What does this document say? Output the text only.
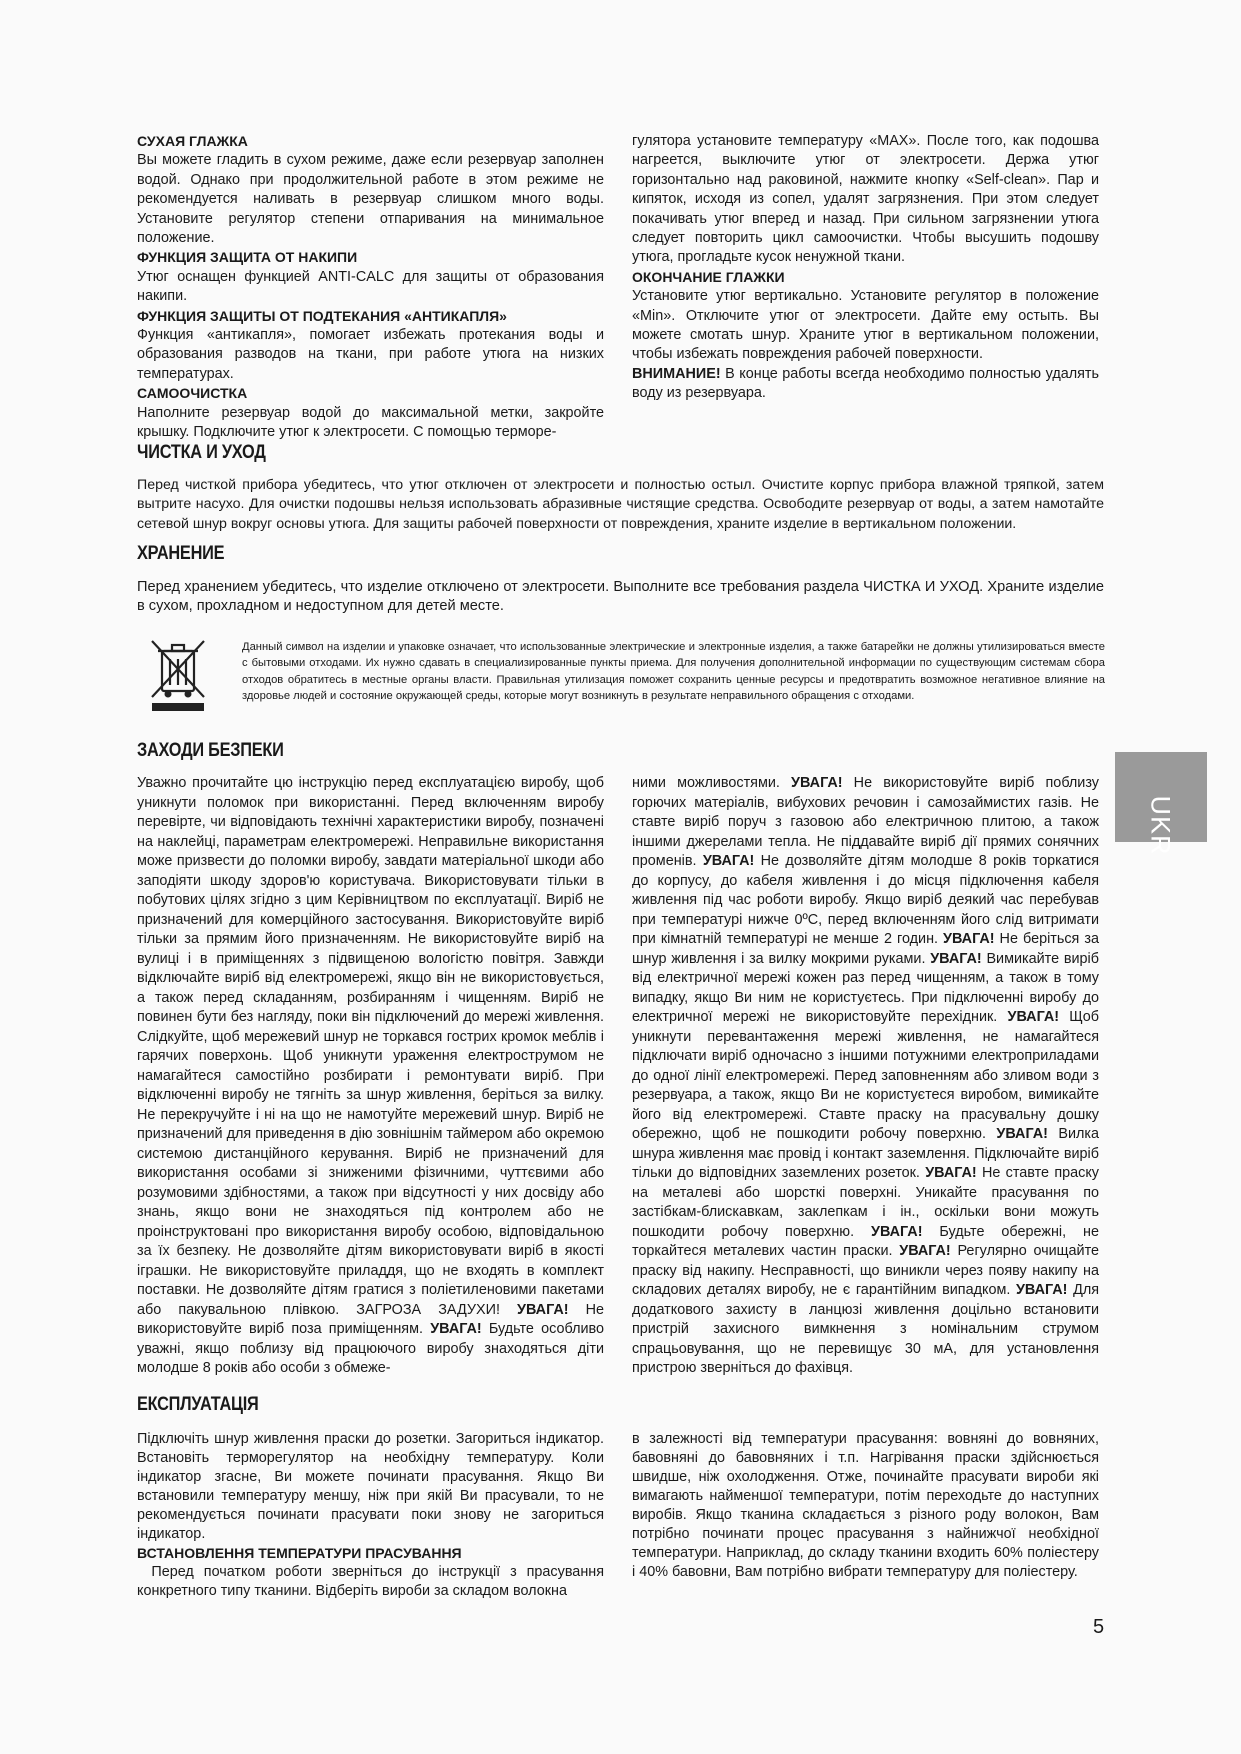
СУХАЯ ГЛАЖКА

Вы можете гладить в сухом режиме, даже если резервуар заполнен водой. Однако при продолжительной работе в этом режиме не рекомендуется наливать в резервуар слишком много воды. Установите регулятор степени отпаривания на минимальное положение.

ФУНКЦИЯ ЗАЩИТА ОТ НАКИПИ

Утюг оснащен функцией ANTI-CALC для защиты от образования накипи.

ФУНКЦИЯ ЗАЩИТЫ ОТ ПОДТЕКАНИЯ «АНТИКАПЛЯ»

Функция «антикапля», помогает избежать протекания воды и образования разводов на ткани, при работе утюга на низких температурах.

САМООЧИСТКА

Наполните резервуар водой до максимальной метки, закройте крышку. Подключите утюг к электросети. С помощью терморе-

гулятора установите температуру «MAX». После того, как подошва нагреется, выключите утюг от электросети. Держа утюг горизонтально над раковиной, нажмите кнопку «Self-clean». Пар и кипяток, исходя из сопел, удалят загрязнения. При этом следует покачивать утюг вперед и назад. При сильном загрязнении утюга следует повторить цикл самоочистки. Чтобы высушить подошву утюга, прогладьте кусок ненужной ткани.

ОКОНЧАНИЕ ГЛАЖКИ

Установите утюг вертикально. Установите регулятор в положение «Min». Отключите утюг от электросети. Дайте ему остыть. Вы можете смотать шнур. Храните утюг в вертикальном положении, чтобы избежать повреждения рабочей поверхности.

ВНИМАНИЕ! В конце работы всегда необходимо полностью удалять воду из резервуара.

ЧИСТКА И УХОД

Перед чисткой прибора убедитесь, что утюг отключен от электросети и полностью остыл. Очистите корпус прибора влажной тряпкой, затем вытрите насухо. Для очистки подошвы нельзя использовать абразивные чистящие средства. Освободите резервуар от воды, а затем намотайте сетевой шнур вокруг основы утюга. Для защиты рабочей поверхности от повреждения, храните изделие в вертикальном положении.

ХРАНЕНИЕ

Перед хранением убедитесь, что изделие отключено от электросети. Выполните все требования раздела ЧИСТКА И УХОД. Храните изделие в сухом, прохладном и недоступном для детей месте.

Данный символ на изделии и упаковке означает, что использованные электрические и электронные изделия, а также батарейки не должны утилизироваться вместе с бытовыми отходами. Их нужно сдавать в специализированные пункты приема. Для получения дополнительной информации по существующим системам сбора отходов обратитесь в местные органы власти. Правильная утилизация поможет сохранить ценные ресурсы и предотвратить возможное негативное влияние на здоровье людей и состояние окружающей среды, которые могут возникнуть в результате неправильного обращения с отходами.
ЗАХОДИ БЕЗПЕКИ

Уважно прочитайте цю інструкцію перед експлуатацією виробу, щоб уникнути поломок при використанні. Перед включенням виробу перевірте, чи відповідають технічні характеристики виробу, позначені на наклейці, параметрам електромережі. Неправильне використання може призвести до поломки виробу, завдати матеріальної шкоди або заподіяти шкоду здоров'ю користувача. Використовувати тільки в побутових цілях згідно з цим Керівництвом по експлуатації. Виріб не призначений для комерційного застосування. Використовуйте виріб тільки за прямим його призначенням. Не використовуйте виріб на вулиці і в приміщеннях з підвищеною вологістю повітря. Завжди відключайте виріб від електромережі, якщо він не використовується, а також перед складанням, розбиранням і чищенням. Виріб не повинен бути без нагляду, поки він підключений до мережі живлення. Слідкуйте, щоб мережевий шнур не торкався гострих кромок меблів і гарячих поверхонь. Щоб уникнути ураження електрострумом не намагайтеся самостійно розбирати і ремонтувати виріб. При відключенні виробу не тягніть за шнур живлення, беріться за вилку. Не перекручуйте і ні на що не намотуйте мережевий шнур. Виріб не призначений для приведення в дію зовнішнім таймером або окремою системою дистанційного керування. Виріб не призначений для використання особами зі зниженими фізичними, чуттєвими або розумовими здібностями, а також при відсутності у них досвіду або знань, якщо вони не знаходяться під контролем або не проінструктовані про використання виробу особою, відповідальною за їх безпеку. Не дозволяйте дітям використовувати виріб в якості іграшки. Не використовуйте приладдя, що не входять в комплект поставки. Не дозволяйте дітям гратися з поліетиленовими пакетами або пакувальною плівкою. ЗАГРОЗА ЗАДУХИ! УВАГА! Не використовуйте виріб поза приміщенням. УВАГА! Будьте особливо уважні, якщо поблизу від працюючого виробу знаходяться діти молодше 8 років або особи з обмеже-

ними можливостями. УВАГА! Не використовуйте виріб поблизу горючих матеріалів, вибухових речовин і самозаймистих газів. Не ставте виріб поруч з газовою або електричною плитою, а також іншими джерелами тепла. Не піддавайте виріб дії прямих сонячних променів. УВАГА! Не дозволяйте дітям молодше 8 років торкатися до корпусу, до кабеля живлення і до місця підключення кабеля живлення під час роботи виробу. Якщо виріб деякий час перебував при температурі нижче 0ºC, перед включенням його слід витримати при кімнатній температурі не менше 2 годин. УВАГА! Не беріться за шнур живлення і за вилку мокрими руками. УВАГА! Вимикайте виріб від електричної мережі кожен раз перед чищенням, а також в тому випадку, якщо Ви ним не користуєтесь. При підключенні виробу до електричної мережі не використовуйте перехідник. УВАГА! Щоб уникнути перевантаження мережі живлення, не намагайтеся підключати виріб одночасно з іншими потужними електроприладами до одної лінії електромережі. Перед заповненням або зливом води з резервуара, а також, якщо Ви не користуєтеся виробом, вимикайте його від електромережі. Ставте праску на прасувальну дошку обережно, щоб не пошкодити робочу поверхню. УВАГА! Вилка шнура живлення має провід і контакт заземлення. Підключайте виріб тільки до відповідних заземлених розеток. УВАГА! Не ставте праску на металеві або шорсткі поверхні. Уникайте прасування по застібкам-блискавкам, заклепкам і ін., оскільки вони можуть пошкодити робочу поверхню. УВАГА! Будьте обережні, не торкайтеся металевих частин праски. УВАГА! Регулярно очищайте праску від накипу. Несправності, що виникли через появу накипу на складових деталях виробу, не є гарантійним випадком. УВАГА! Для додаткового захисту в ланцюзі живлення доцільно встановити пристрій захисного вимкнення з номінальним струмом спрацьовування, що не перевищує 30 мА, для установлення пристрою зверніться до фахівця.

ЕКСПЛУАТАЦІЯ

Підключіть шнур живлення праски до розетки. Загориться індикатор. Встановіть терморегулятор на необхідну температуру. Коли індикатор згасне, Ви можете починати прасування. Якщо Ви встановили температуру меншу, ніж при якій Ви прасували, то не рекомендується починати прасувати поки знову не загориться індикатор.

ВСТАНОВЛЕННЯ ТЕМПЕРАТУРИ ПРАСУВАННЯ

Перед початком роботи зверніться до інструкції з прасування конкретного типу тканини. Відберіть вироби за складом волокна

в залежності від температури прасування: вовняні до вовняних, бавовняні до бавовняних і т.п. Нагрівання праски здійснюється швидше, ніж охолодження. Отже, починайте прасувати вироби які вимагають найменшої температури, потім переходьте до наступних виробів. Якщо тканина складається з різного роду волокон, Вам потрібно починати процес прасування з найнижчої необхідної температури. Наприклад, до складу тканини входить 60% поліестеру і 40% бавовни, Вам потрібно вибрати температуру для поліестеру.

UKR
5
